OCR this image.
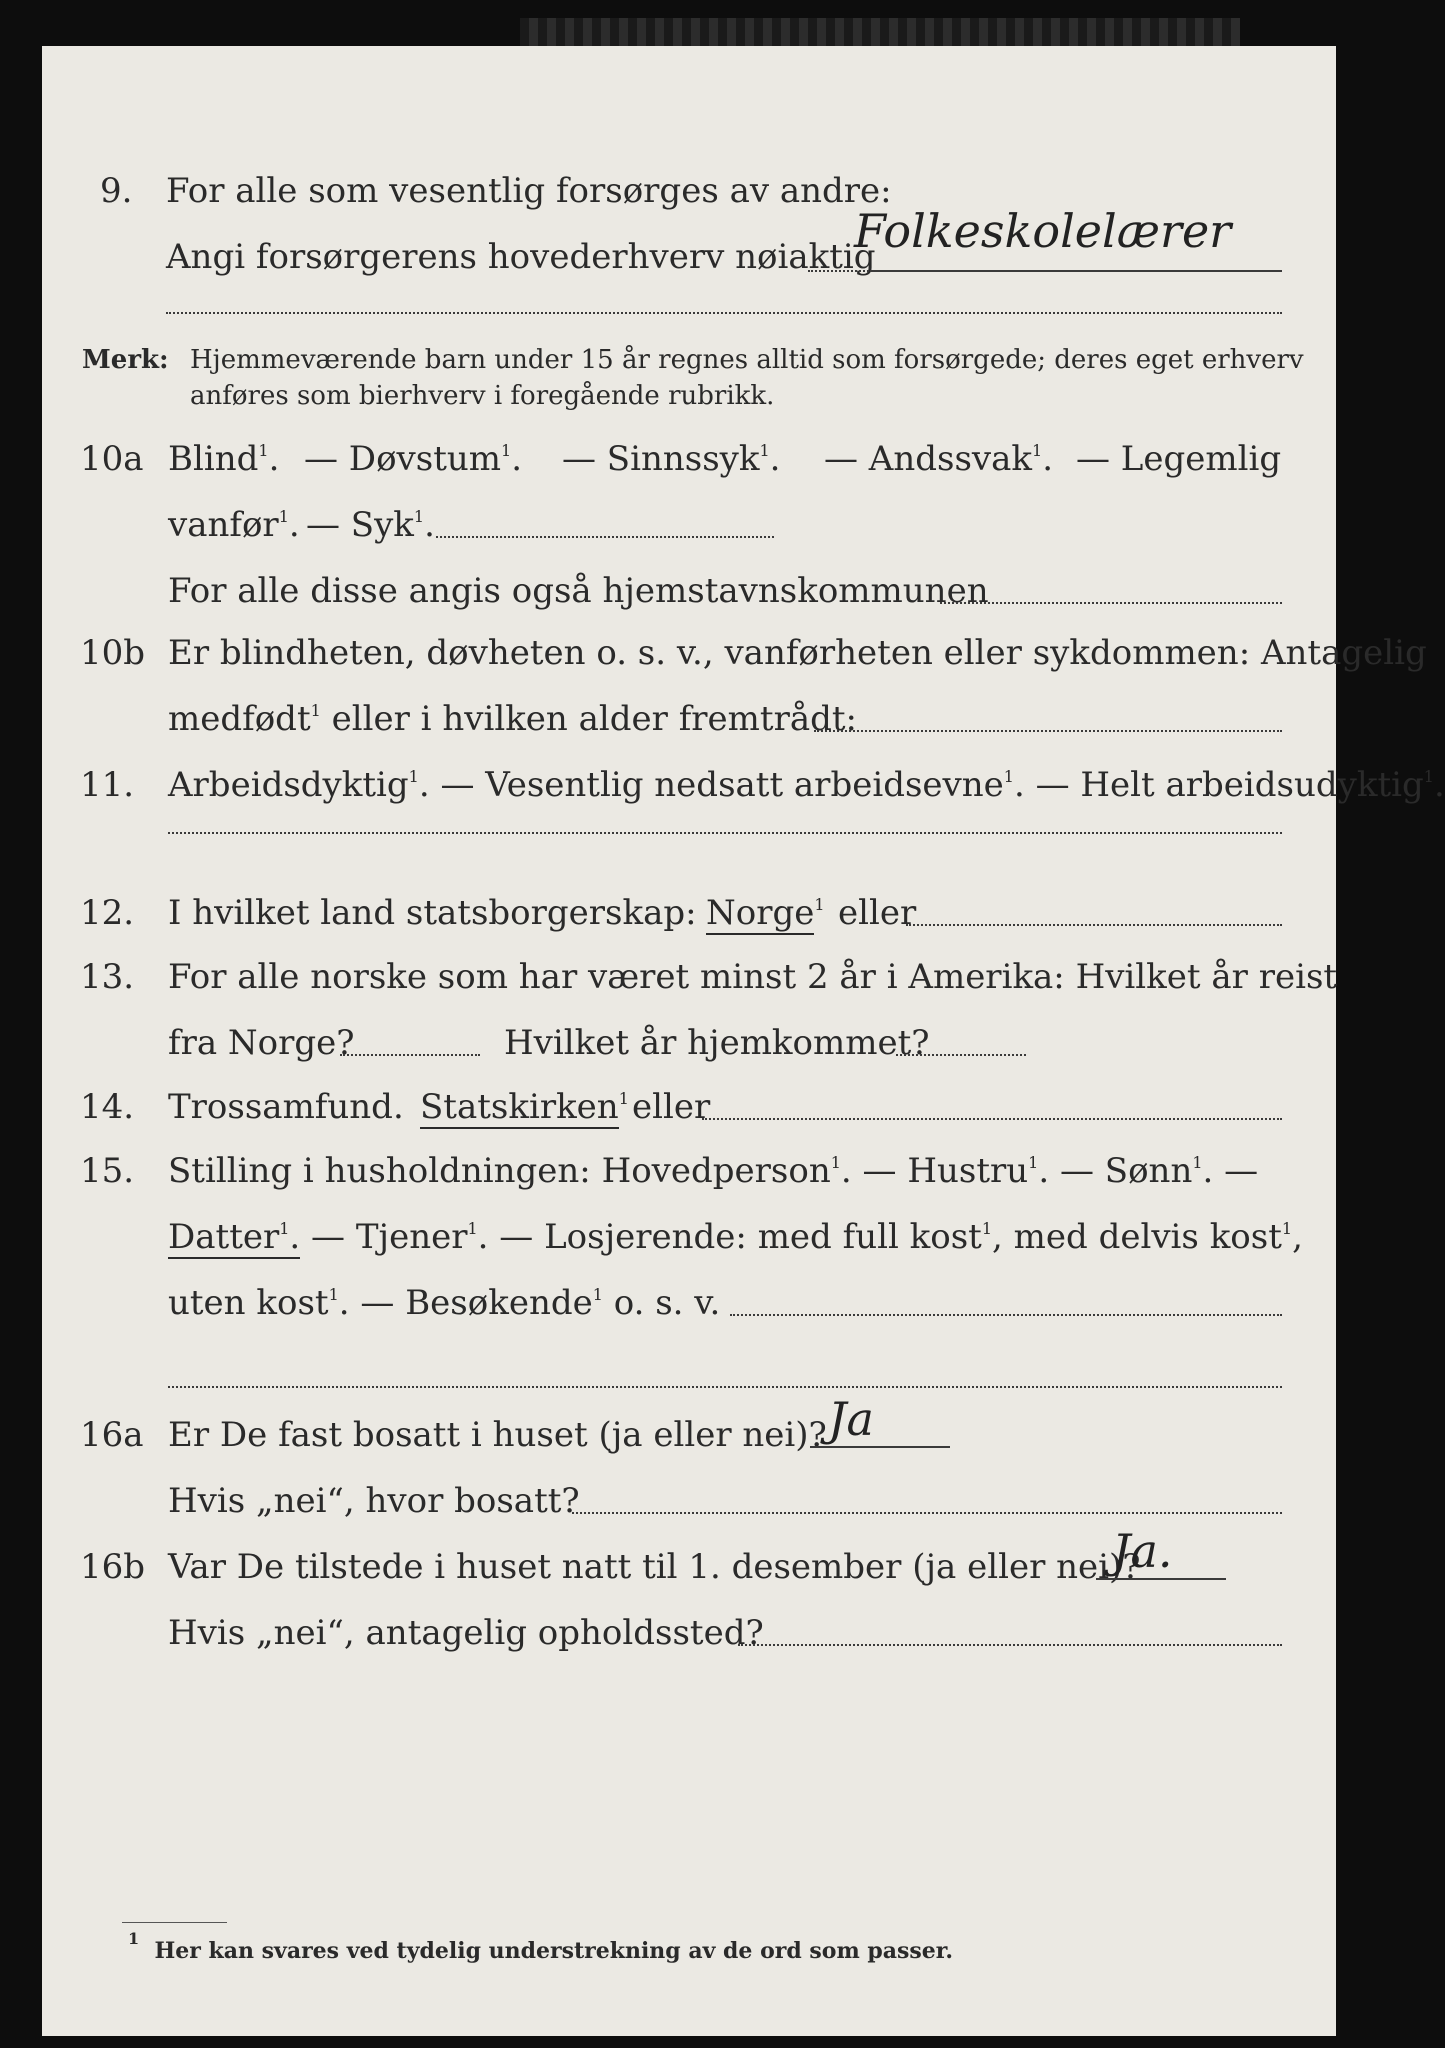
9. For alle som vesentlig forsørges av andre:
Angi forsørgerens hovederhverv nøiaktig
Folkeskolelærer
Merk: Hjemmeværende barn under 15 år regnes alltid som forsørgede; deres eget erhverv
anføres som bierhverv i foregående rubrikk.
10a Blind$^1$. — Døvstum$^1$. — Sinnssyk$^1$. — Andssvak$^1$. — Legemlig
vanfør$^1$. — Syk$^1$.
For alle disse angis også hjemstavnskommunen
10b Er blindheten, døvheten o. s. v., vanførheten eller sykdommen: Antagelig
medfødt$^1$ eller i hvilken alder fremtrådt:
11. Arbeidsdyktig$^1$. — Vesentlig nedsatt arbeidsevne$^1$. — Helt arbeidsudyktig$^1$.
12. I hvilket land statsborgerskap: Norge$^1$ eller
13. For alle norske som har været minst 2 år i Amerika: Hvilket år reist
fra Norge?	Hvilket år hjemkommet?
14. Trossamfund. Statskirken$^1$ eller
15. Stilling i husholdningen: Hovedperson$^1$. — Hustru$^1$. — Sønn$^1$. —
Datter$^1$. — Tjener$^1$. — Losjerende: med full kost$^1$, med delvis kost$^1$,
uten kost$^1$. — Besøkende$^1$ o. s. v.
16a Er De fast bosatt i huset (ja eller nei)? Ja
Hvis „nei“, hvor bosatt?
16b Var De tilstede i huset natt til 1. desember (ja eller nei)?
Ja.
Hvis „nei“, antagelig opholdssted?
$^1$ Her kan svares ved tydelig understrekning av de ord som passer.
